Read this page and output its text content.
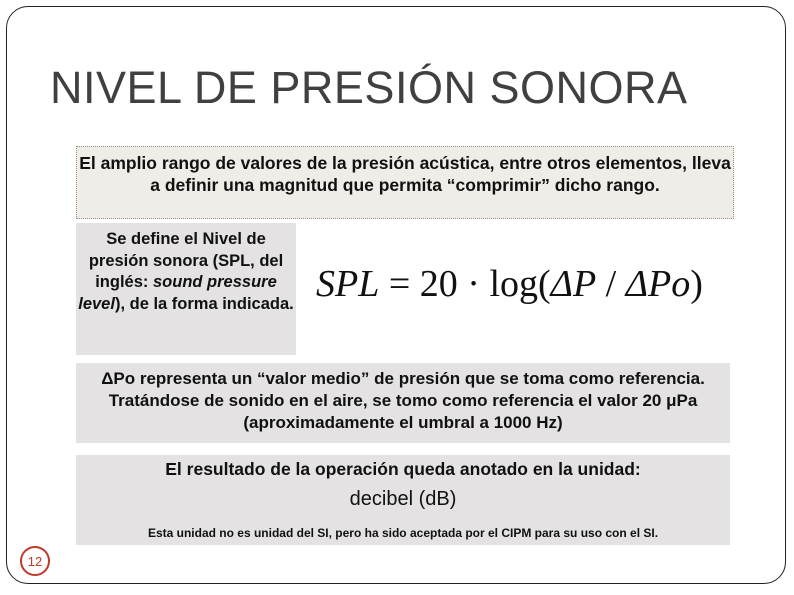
NIVEL DE PRESIÓN SONORA
El amplio rango de valores de la presión acústica, entre otros elementos, lleva a definir una magnitud que permita “comprimir” dicho rango.
Se define el Nivel de presión sonora (SPL, del inglés: sound pressure level), de la forma indicada. SPL = 20 · log(ΔP / ΔPo)
ΔPo representa un “valor medio” de presión que se toma como referencia. Tratándose de sonido en el aire, se tomo como referencia el valor 20 μPa (aproximadamente el umbral a 1000 Hz)
El resultado de la operación queda anotado en la unidad:
decibel (dB)
Esta unidad no es unidad del SI, pero ha sido aceptada por el CIPM para su uso con el SI.
12
